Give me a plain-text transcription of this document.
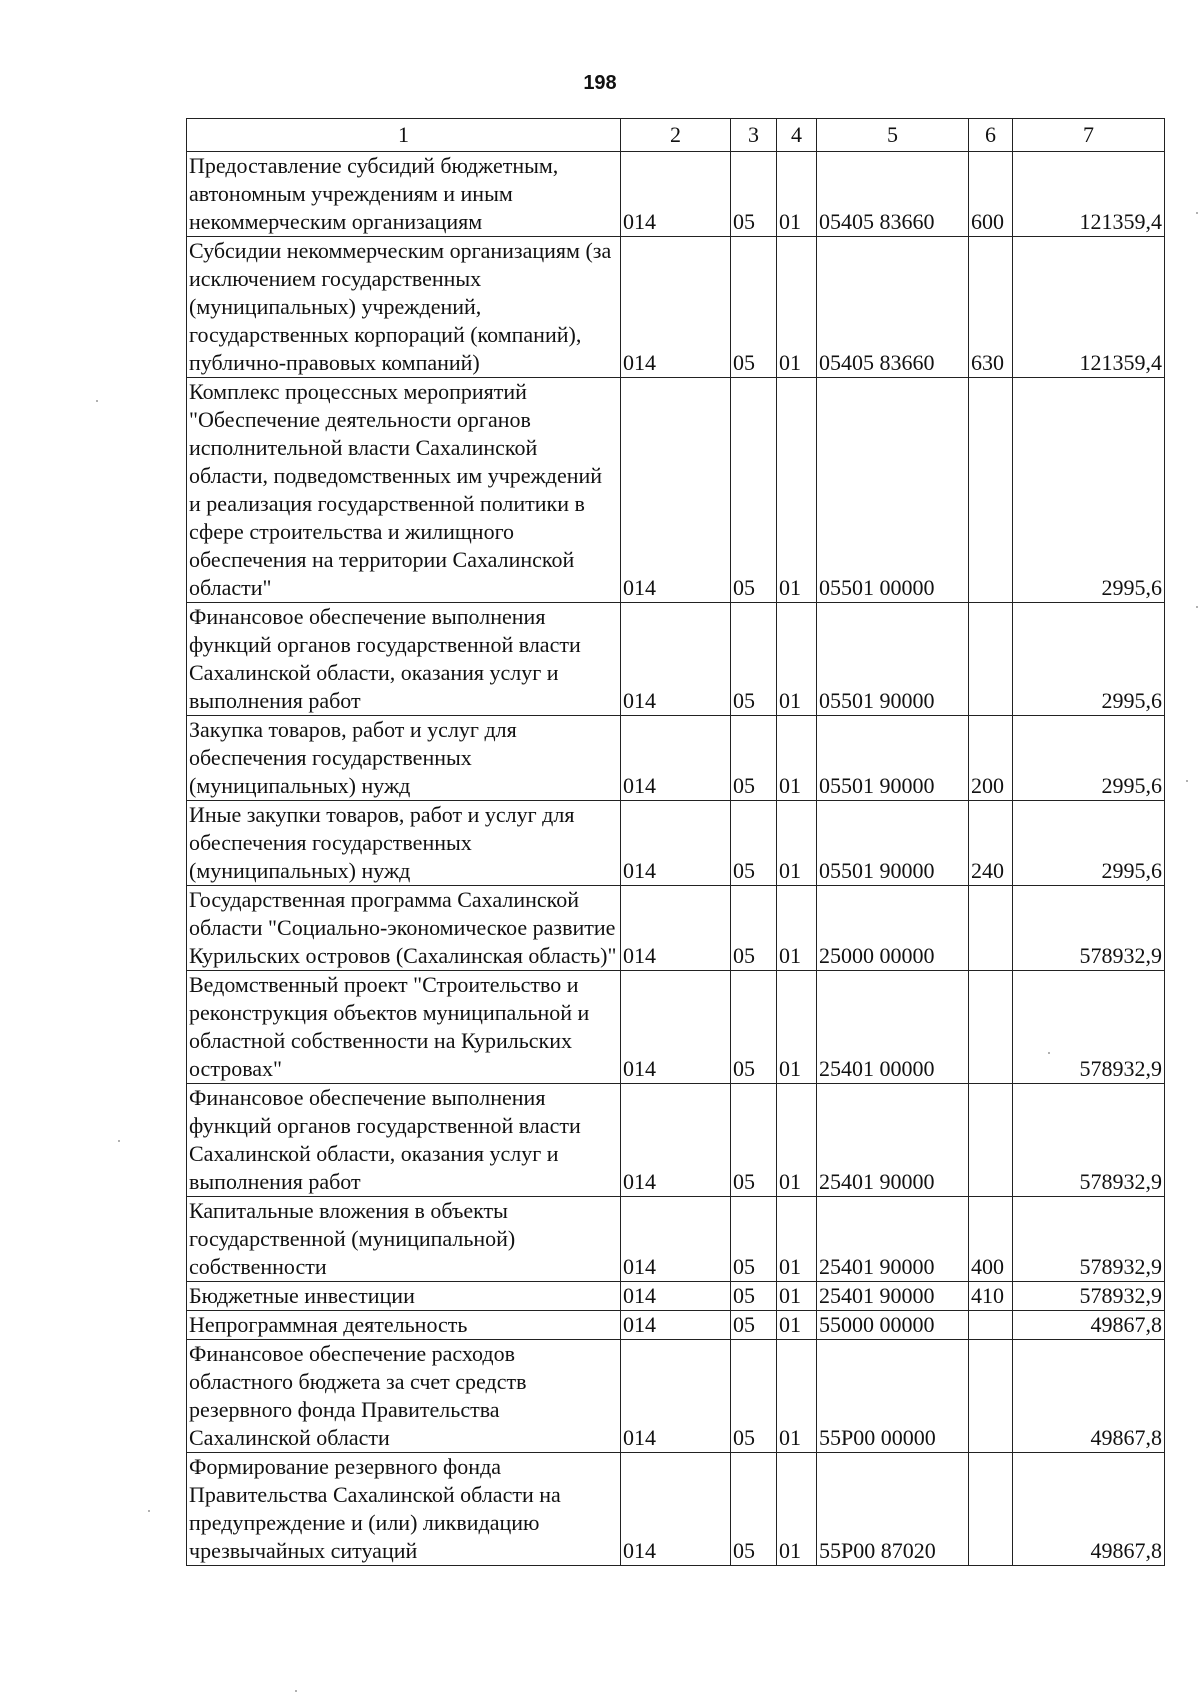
198
1	2	3	4	5	6	7
Предоставление субсидий бюджетным, автономным учреждениям и иным некоммерческим организациям	014	05	01	05405 83660	600	121359,4
Субсидии некоммерческим организациям (за исключением государственных (муниципальных) учреждений, государственных корпораций (компаний), публично-правовых компаний)	014	05	01	05405 83660	630	121359,4
Комплекс процессных мероприятий "Обеспечение деятельности органов исполнительной власти Сахалинской области, подведомственных им учреждений и реализация государственной политики в сфере строительства и жилищного обеспечения на территории Сахалинской области"	014	05	01	05501 00000		2995,6
Финансовое обеспечение выполнения функций органов государственной власти Сахалинской области, оказания услуг и выполнения работ	014	05	01	05501 90000		2995,6
Закупка товаров, работ и услуг для обеспечения государственных (муниципальных) нужд	014	05	01	05501 90000	200	2995,6
Иные закупки товаров, работ и услуг для обеспечения государственных (муниципальных) нужд	014	05	01	05501 90000	240	2995,6
Государственная программа Сахалинской области "Социально-экономическое развитие Курильских островов (Сахалинская область)"	014	05	01	25000 00000		578932,9
Ведомственный проект "Строительство и реконструкция объектов муниципальной и областной собственности на Курильских островах"	014	05	01	25401 00000		578932,9
Финансовое обеспечение выполнения функций органов государственной власти Сахалинской области, оказания услуг и выполнения работ	014	05	01	25401 90000		578932,9
Капитальные вложения в объекты государственной (муниципальной) собственности	014	05	01	25401 90000	400	578932,9
Бюджетные инвестиции	014	05	01	25401 90000	410	578932,9
Непрограммная деятельность	014	05	01	55000 00000		49867,8
Финансовое обеспечение расходов областного бюджета за счет средств резервного фонда Правительства Сахалинской области	014	05	01	55Р00 00000		49867,8
Формирование резервного фонда Правительства Сахалинской области на предупреждение и (или) ликвидацию чрезвычайных ситуаций	014	05	01	55Р00 87020		49867,8
